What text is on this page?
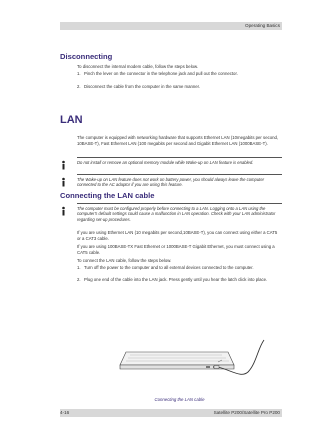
Operating Basics
Disconnecting
To disconnect the internal modem cable, follow the steps below.
1. Pinch the lever on the connector in the telephone jack and pull out the connector.
2. Disconnect the cable from the computer in the same manner.
LAN
The computer is equipped with networking hardware that supports Ethernet LAN (10megabits per second, 10BASE-T), Fast Ethernet LAN (100 megabits per second and Gigabit Ethernet LAN (1000BASE-T).
Do not install or remove an optional memory module while Wake-up on LAN feature is enabled.
The Wake-up on LAN feature does not work on battery power, you should always leave the computer connected to the AC adaptor if you are using this feature.
Connecting the LAN cable
The computer must be configured properly before connecting to a LAN. Logging onto a LAN using the computer's default settings could cause a malfunction in LAN operation. Check with your LAN administrator regarding set-up procedures.
If you are using Ethernet LAN (10 megabits per second,10BASE-T), you can connect using either a CAT5 or a CAT3 cable.
If you are using 100BASE-TX Fast Ethernet or 1000BASE-T Gigabit Ethernet, you must connect using a CAT5 cable.
To connect the LAN cable, follow the steps below.
1. Turn off the power to the computer and to all external devices connected to the computer.
2. Plug one end of the cable into the LAN jack. Press gently until you hear the latch click into place.
Connecting the LAN cable
4-16	Satellite P200/Satellite Pro P200
